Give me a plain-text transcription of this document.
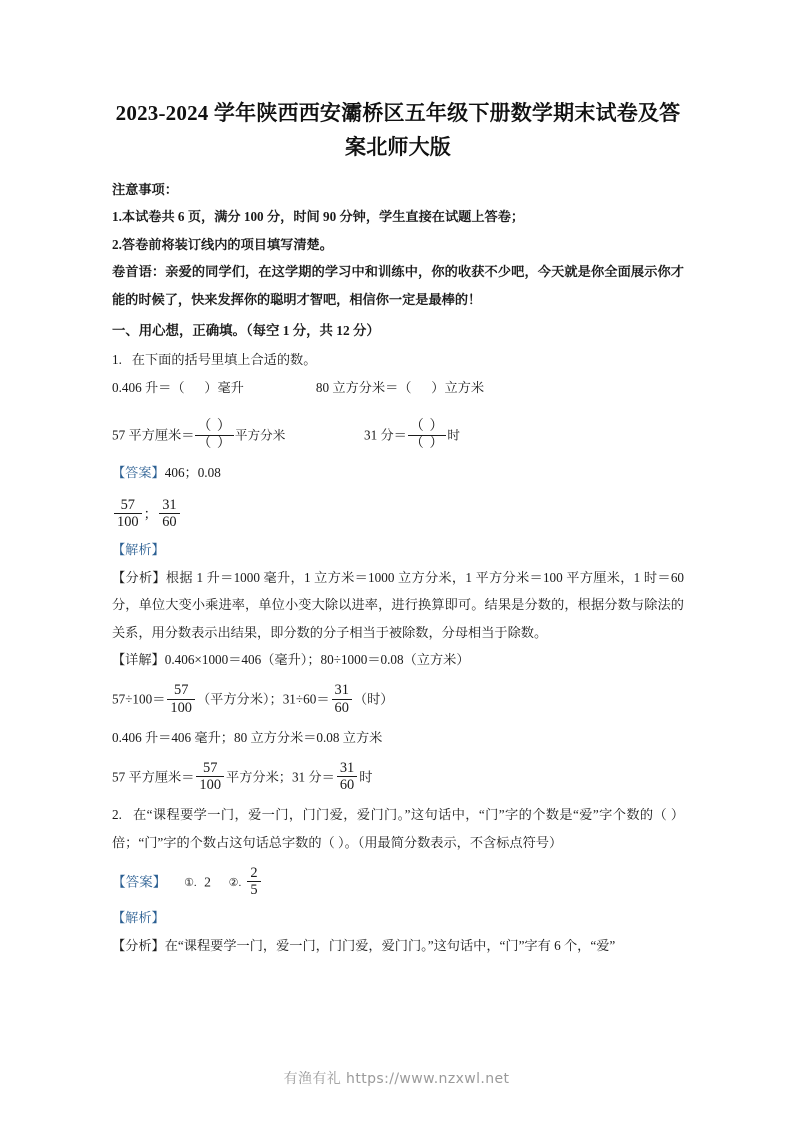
2023-2024 学年陕西西安灞桥区五年级下册数学期末试卷及答案北师大版

注意事项：

1.本试卷共 6 页，满分 100 分，时间 90 分钟，学生直接在试题上答卷；

2.答卷前将装订线内的项目填写清楚。

卷首语：亲爱的同学们，在这学期的学习中和训练中，你的收获不少吧，今天就是你全面展示你才能的时候了，快来发挥你的聪明才智吧，相信你一定是最棒的！

一、用心想，正确填。（每空 1 分，共 12 分）

1. 在下面的括号里填上合适的数。

0.406 升＝（ ）毫升	80 立方分米＝（ ）立方米

57 平方厘米＝ $\frac{( )}{( )}$ 平方分米	31 分＝ $\frac{( )}{( )}$ 时

【答案】406；0.08

$\frac{57}{100}$ ； $\frac{31}{60}$

【解析】

【分析】根据 1 升＝1000 毫升，1 立方米＝1000 立方分米，1 平方分米＝100 平方厘米，1 时＝60 分，单位大变小乘进率，单位小变大除以进率，进行换算即可。结果是分数的，根据分数与除法的关系，用分数表示出结果，即分数的分子相当于被除数，分母相当于除数。

【详解】0.406×1000＝406（毫升）；80÷1000＝0.08（立方米）

$57\div 100= \frac{57}{100}$ （平方分米）；$31\div 60= \frac{31}{60}$ （时）

0.406 升＝406 毫升；80 立方分米＝0.08 立方米

57 平方厘米＝ $\frac{57}{100}$ 平方分米；31 分＝ $\frac{31}{60}$ 时

2. 在“课程要学一门，爱一门，门门爱，爱门门。”这句话中，“门”字的个数是“爱”字个数的（ ）倍；“门”字的个数占这句话总字数的（ ）。（用最简分数表示，不含标点符号）

【答案】 ①. 2 ②. $\frac{2}{5}$

【解析】

【分析】在“课程要学一门，爱一门，门门爱，爱门门。”这句话中，“门”字有 6 个，“爱”

有渔有礼 https://www.nzxwl.net
